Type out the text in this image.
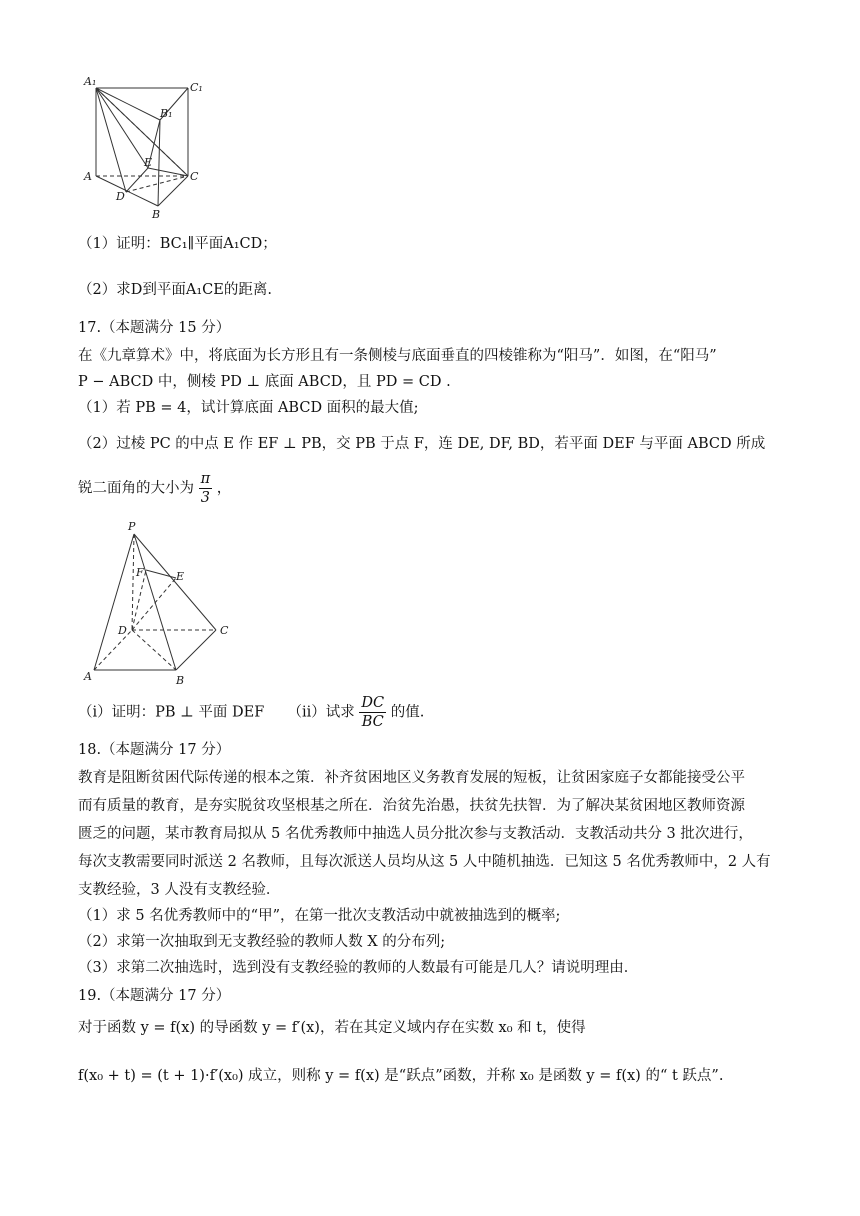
A₁	C₁
B₁
E
A	C
D
B
（1）证明：BC₁∥平面A₁CD；
（2）求D到平面A₁CE的距离.
17.（本题满分 15 分）
在《九章算术》中，将底面为长方形且有一条侧棱与底面垂直的四棱锥称为“阳马”．如图，在“阳马”
P − ABCD 中，侧棱 PD ⊥ 底面 ABCD，且 PD = CD .
（1）若 PB = 4，试计算底面 ABCD 面积的最大值;
（2）过棱 PC 的中点 E 作 EF ⊥ PB，交 PB 于点 F，连 DE, DF, BD，若平面 DEF 与平面 ABCD 所成
锐二面角的大小为 $\frac{\pi}{3}$ ，
P
F	E
D	C
A	B
（i）证明：PB ⊥ 平面 DEF （ii）试求 $\frac{DC}{BC}$ 的值.
18.（本题满分 17 分）
教育是阻断贫困代际传递的根本之策．补齐贫困地区义务教育发展的短板，让贫困家庭子女都能接受公平
而有质量的教育，是夯实脱贫攻坚根基之所在．治贫先治愚，扶贫先扶智．为了解决某贫困地区教师资源
匮乏的问题，某市教育局拟从 5 名优秀教师中抽选人员分批次参与支教活动．支教活动共分 3 批次进行，
每次支教需要同时派送 2 名教师，且每次派送人员均从这 5 人中随机抽选．已知这 5 名优秀教师中，2 人有
支教经验，3 人没有支教经验．
（1）求 5 名优秀教师中的“甲”，在第一批次支教活动中就被抽选到的概率;
（2）求第一次抽取到无支教经验的教师人数 X 的分布列;
（3）求第二次抽选时，选到没有支教经验的教师的人数最有可能是几人？请说明理由．
19.（本题满分 17 分）
对于函数 y = f(x) 的导函数 y = f′(x)，若在其定义域内存在实数 x₀ 和 t，使得
f(x₀ + t) = (t + 1)·f′(x₀) 成立，则称 y = f(x) 是“跃点”函数，并称 x₀ 是函数 y = f(x) 的“ t 跃点”.
